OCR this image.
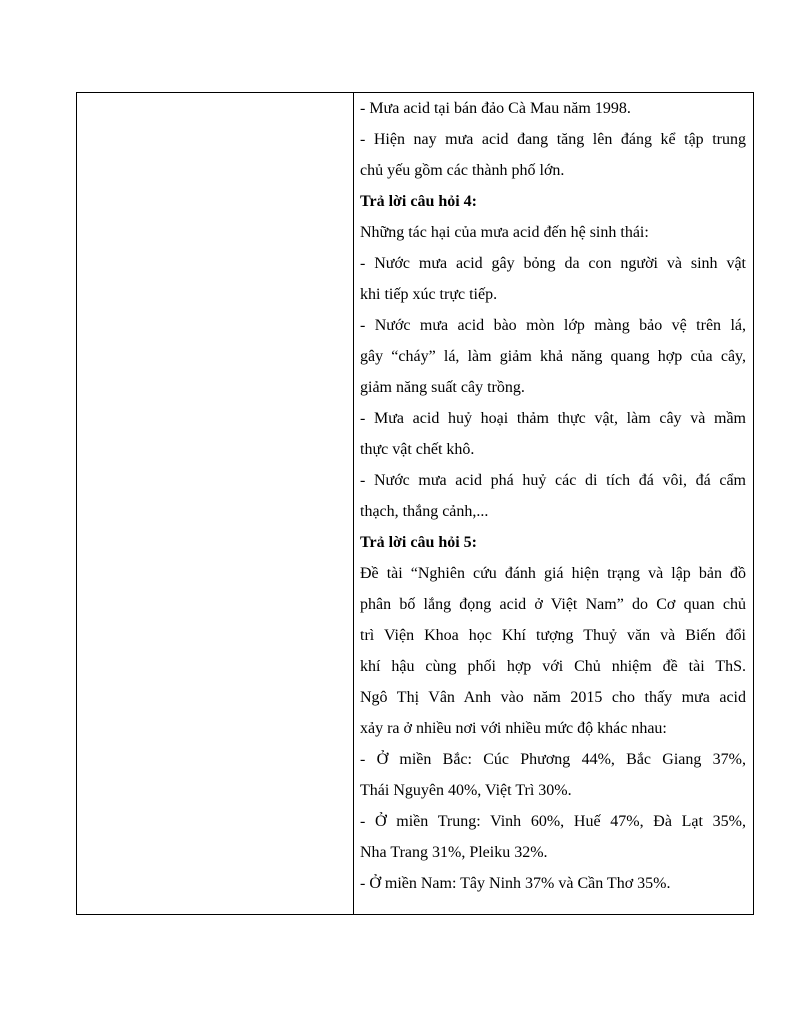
- Mưa acid tại bán đảo Cà Mau năm 1998.
- Hiện nay mưa acid đang tăng lên đáng kể tập trung
chủ yếu gồm các thành phố lớn.
Trả lời câu hỏi 4:
Những tác hại của mưa acid đến hệ sinh thái:
- Nước mưa acid gây bỏng da con người và sinh vật
khi tiếp xúc trực tiếp.
- Nước mưa acid bào mòn lớp màng bảo vệ trên lá,
gây “cháy” lá, làm giảm khả năng quang hợp của cây,
giảm năng suất cây trồng.
- Mưa acid huỷ hoại thảm thực vật, làm cây và mầm
thực vật chết khô.
- Nước mưa acid phá huỷ các di tích đá vôi, đá cẩm
thạch, thắng cảnh,...
Trả lời câu hỏi 5:
Đề tài “Nghiên cứu đánh giá hiện trạng và lập bản đồ
phân bố lắng đọng acid ở Việt Nam” do Cơ quan chủ
trì Viện Khoa học Khí tượng Thuỷ văn và Biến đổi
khí hậu cùng phối hợp với Chủ nhiệm đề tài ThS.
Ngô Thị Vân Anh vào năm 2015 cho thấy mưa acid
xảy ra ở nhiều nơi với nhiều mức độ khác nhau:
- Ở miền Bắc: Cúc Phương 44%, Bắc Giang 37%,
Thái Nguyên 40%, Việt Trì 30%.
- Ở miền Trung: Vinh 60%, Huế 47%, Đà Lạt 35%,
Nha Trang 31%, Pleiku 32%.
- Ở miền Nam: Tây Ninh 37% và Cần Thơ 35%.
